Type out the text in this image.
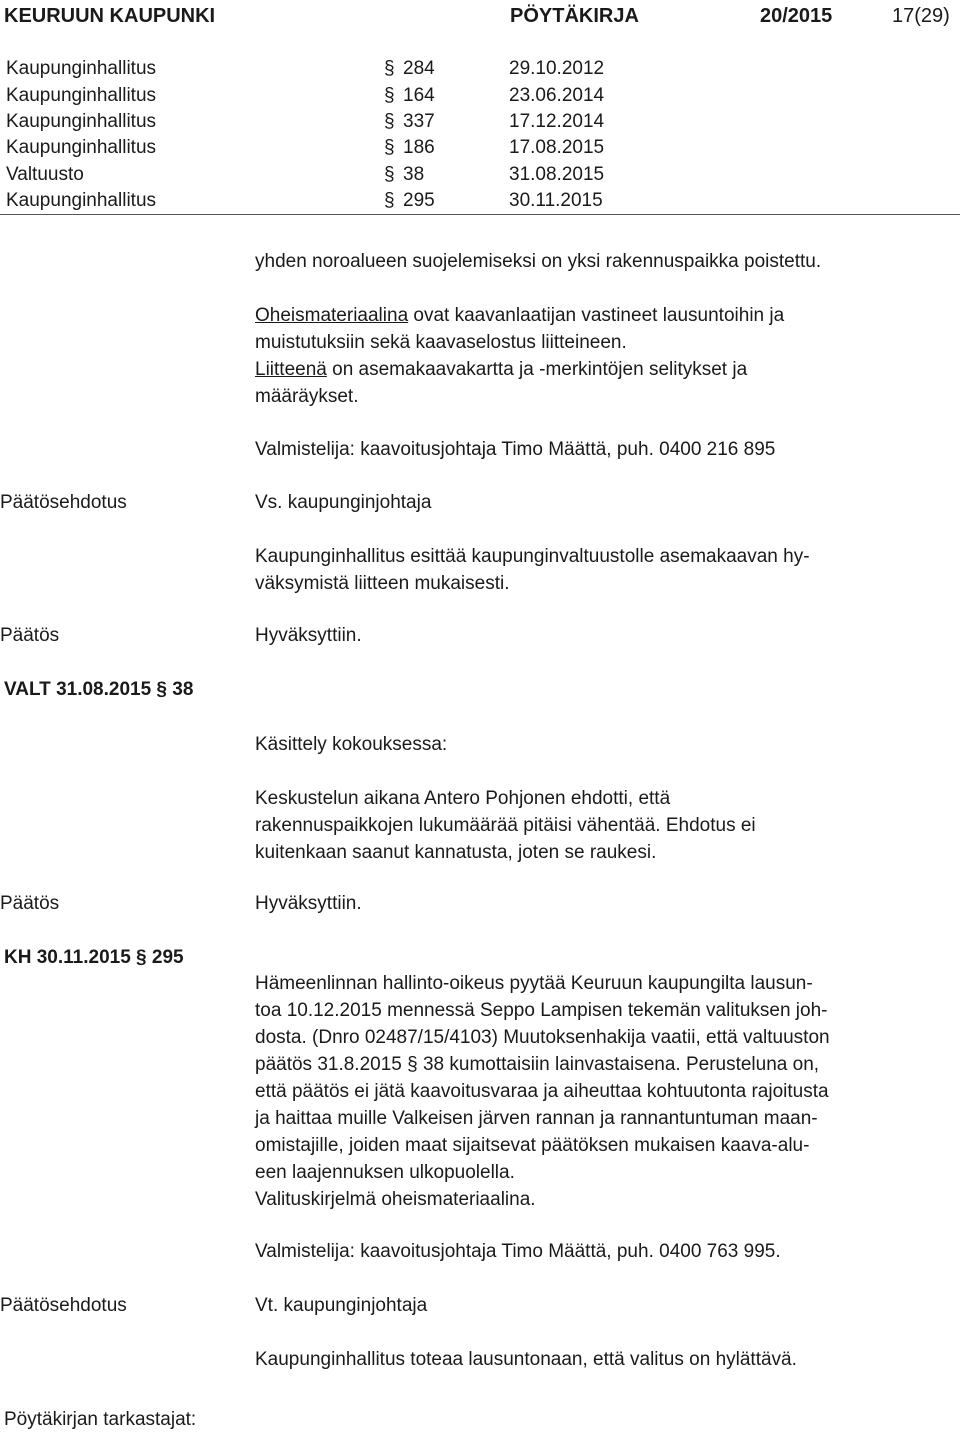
KEURUUN KAUPUNKI	PÖYTÄKIRJA	20/2015	17(29)
Kaupunginhallitus	§ 284	29.10.2012
Kaupunginhallitus	§ 164	23.06.2014
Kaupunginhallitus	§ 337	17.12.2014
Kaupunginhallitus	§ 186	17.08.2015
Valtuusto	§ 38	31.08.2015
Kaupunginhallitus	§ 295	30.11.2015
yhden noroalueen suojelemiseksi on yksi rakennuspaikka poistettu.

Oheismateriaalina ovat kaavanlaatijan vastineet lausuntoihin ja

muistutuksiin sekä kaavaselostus liitteineen.

Liitteenä on asemakaavakartta ja -merkintöjen selitykset ja

määräykset.

Valmistelija: kaavoitusjohtaja Timo Määttä, puh. 0400 216 895
Päätösehdotus	Vs. kaupunginjohtaja

Kaupunginhallitus esittää kaupunginvaltuustolle asemakaavan hy-

väksymistä liitteen mukaisesti.

Päätös	Hyväksyttiin.
VALT 31.08.2015 § 38
Käsittely kokouksessa:

Keskustelun aikana Antero Pohjonen ehdotti, että

rakennuspaikkojen lukumäärää pitäisi vähentää. Ehdotus ei

kuitenkaan saanut kannatusta, joten se raukesi.

Päätös	Hyväksyttiin.
KH 30.11.2015 § 295

Hämeenlinnan hallinto-oikeus pyytää Keuruun kaupungilta lausun-

toa 10.12.2015 mennessä Seppo Lampisen tekemän valituksen joh-

dosta. (Dnro 02487/15/4103) Muutoksenhakija vaatii, että valtuuston

päätös 31.8.2015 § 38 kumottaisiin lainvastaisena. Perusteluna on,

että päätös ei jätä kaavoitusvaraa ja aiheuttaa kohtuutonta rajoitusta

ja haittaa muille Valkeisen järven rannan ja rannantuntuman maan-

omistajille, joiden maat sijaitsevat päätöksen mukaisen kaava-alu-

een laajennuksen ulkopuolella.

Valituskirjelmä oheismateriaalina.

Valmistelija: kaavoitusjohtaja Timo Määttä, puh. 0400 763 995.
Päätösehdotus	Vt. kaupunginjohtaja
Kaupunginhallitus toteaa lausuntonaan, että valitus on hylättävä.
Pöytäkirjan tarkastajat:
